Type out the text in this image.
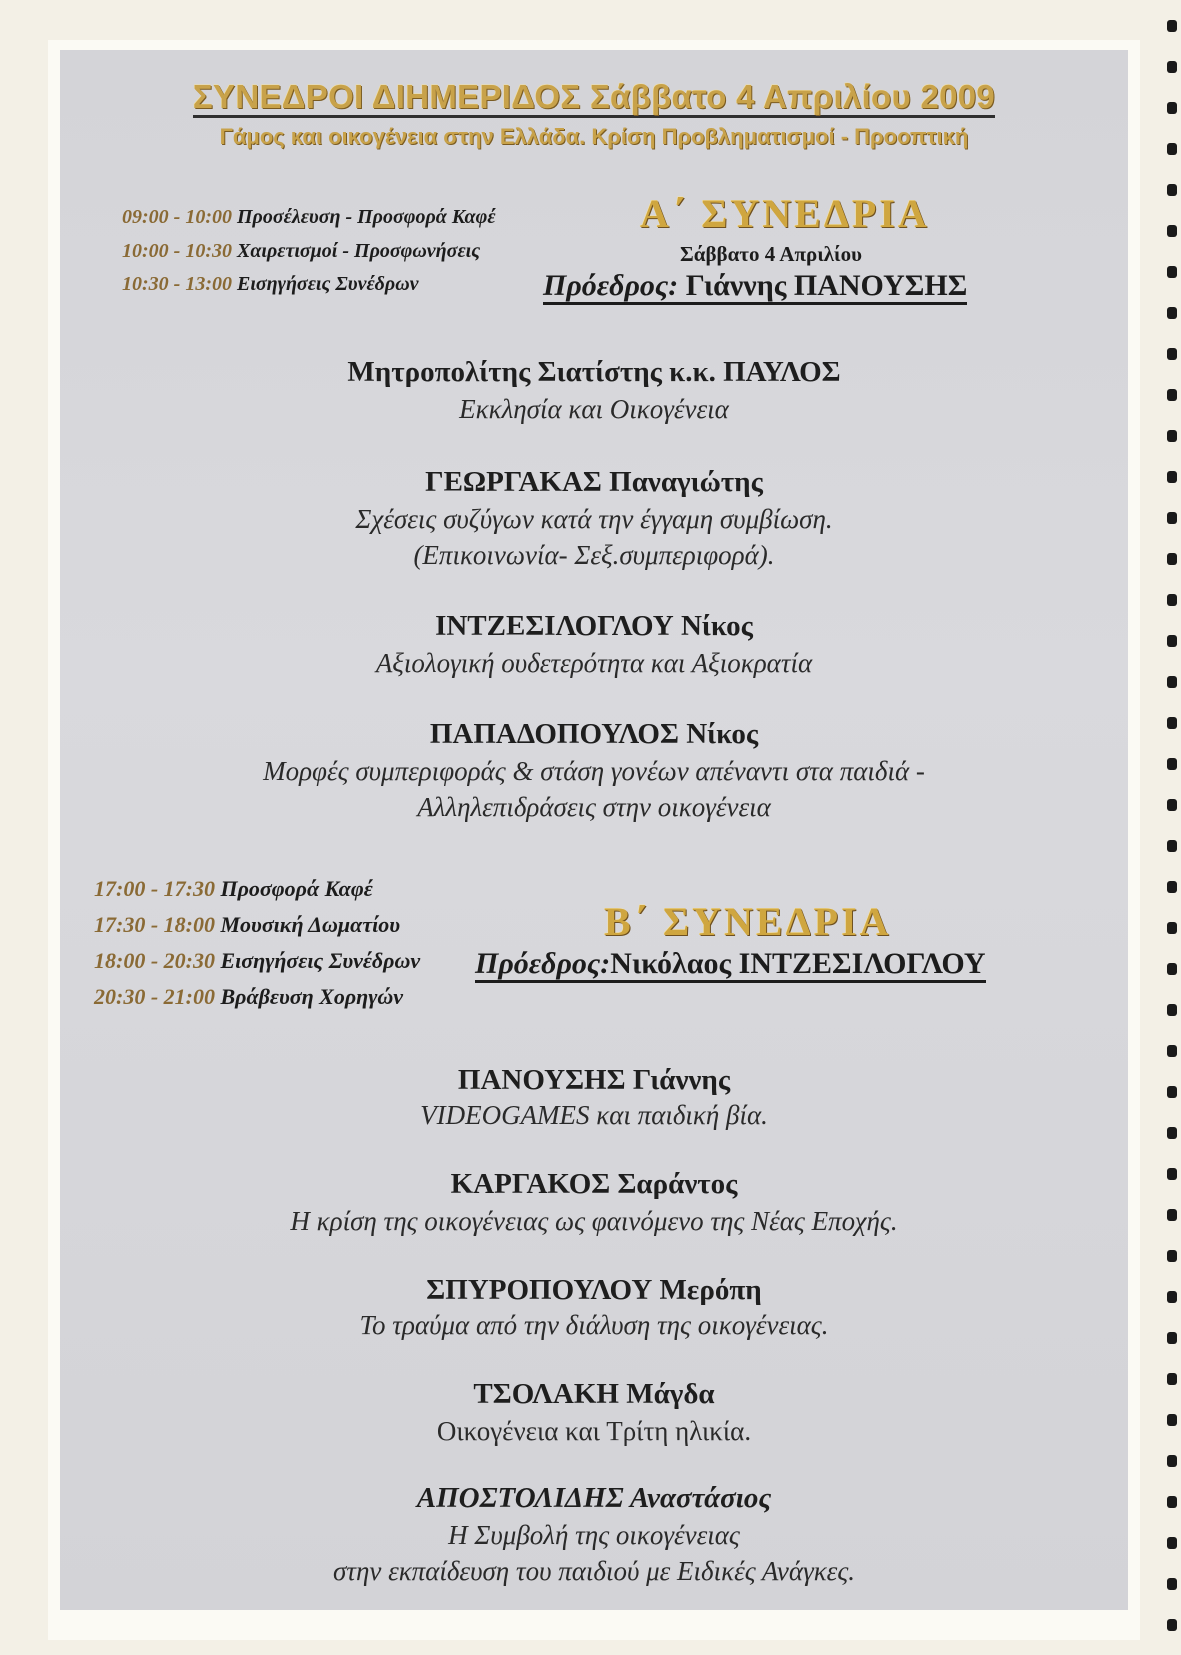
ΣΥΝΕΔΡΟΙ ΔΙΗΜΕΡΙΔΟΣ Σάββατο 4 Απριλίου 2009
Γάμος και οικογένεια στην Ελλάδα. Κρίση Προβληματισμοί - Προοπτική
09:00 - 10:00 Προσέλευση - Προσφορά Καφέ
10:00 - 10:30 Χαιρετισμοί - Προσφωνήσεις
10:30 - 13:00 Εισηγήσεις Συνέδρων
Α΄ ΣΥΝΕΔΡΙΑ
Σάββατο 4 Απριλίου
Πρόεδρος: Γιάννης ΠΑΝΟΥΣΗΣ
Μητροπολίτης Σιατίστης κ.κ. ΠΑΥΛΟΣ
Εκκλησία και Οικογένεια
ΓΕΩΡΓΑΚΑΣ Παναγιώτης
Σχέσεις συζύγων κατά την έγγαμη συμβίωση.
(Επικοινωνία- Σεξ.συμπεριφορά).
ΙΝΤΖΕΣΙΛΟΓΛΟΥ Νίκος
Αξιολογική ουδετερότητα και Αξιοκρατία
ΠΑΠΑΔΟΠΟΥΛΟΣ Νίκος
Μορφές συμπεριφοράς & στάση γονέων απέναντι στα παιδιά -
Αλληλεπιδράσεις στην οικογένεια
17:00 - 17:30 Προσφορά Καφέ
17:30 - 18:00 Μουσική Δωματίου
18:00 - 20:30 Εισηγήσεις Συνέδρων
20:30 - 21:00 Βράβευση Χορηγών
Β΄ ΣΥΝΕΔΡΙΑ
Πρόεδρος:Νικόλαος ΙΝΤΖΕΣΙΛΟΓΛΟΥ
ΠΑΝΟΥΣΗΣ Γιάννης
VIDEOGAMES και παιδική βία.
ΚΑΡΓΑΚΟΣ Σαράντος
Η κρίση της οικογένειας ως φαινόμενο της Νέας Εποχής.
ΣΠΥΡΟΠΟΥΛΟΥ Μερόπη
Το τραύμα από την διάλυση της οικογένειας.
ΤΣΟΛΑΚΗ Μάγδα
Οικογένεια και Τρίτη ηλικία.
ΑΠΟΣΤΟΛΙΔΗΣ Αναστάσιος
Η Συμβολή της οικογένειας
στην εκπαίδευση του παιδιού με Ειδικές Ανάγκες.
